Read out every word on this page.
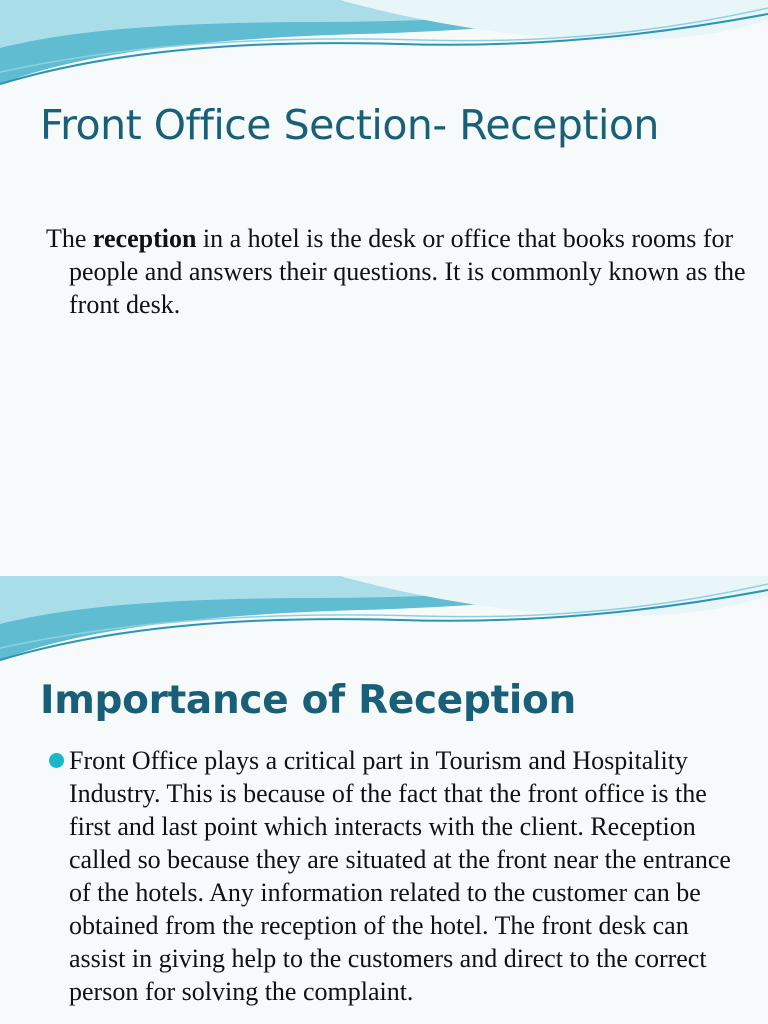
Front Office Section- Reception

The reception in a hotel is the desk or office that books rooms for people and answers their questions. It is commonly known as the front desk.

Importance of Reception

Front Office plays a critical part in Tourism and Hospitality Industry. This is because of the fact that the front office is the first and last point which interacts with the client. Reception called so because they are situated at the front near the entrance of the hotels. Any information related to the customer can be obtained from the reception of the hotel. The front desk can assist in giving help to the customers and direct to the correct person for solving the complaint.
